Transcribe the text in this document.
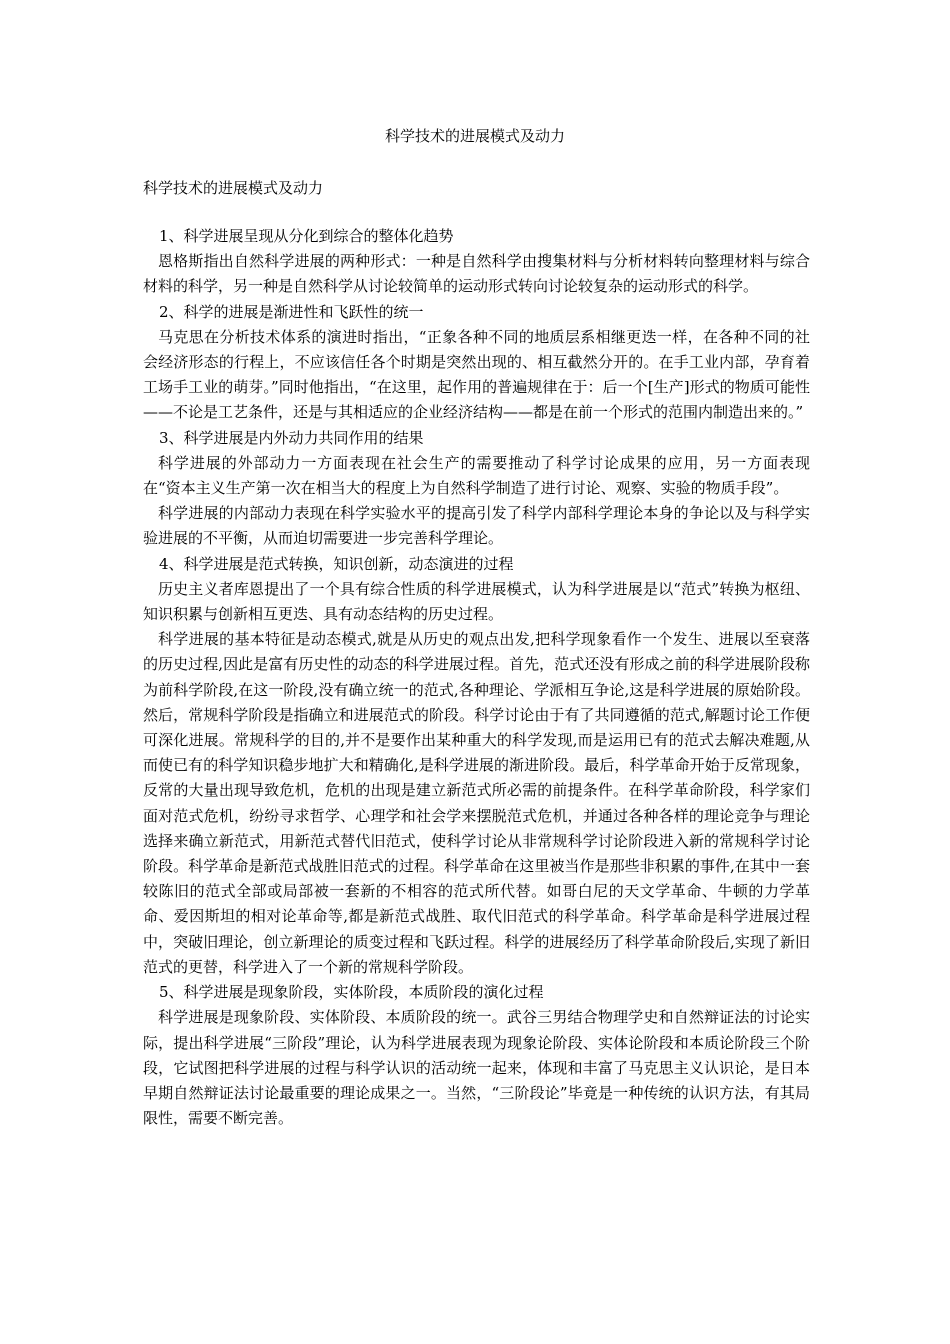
科学技术的进展模式及动力
科学技术的进展模式及动力

1、科学进展呈现从分化到综合的整体化趋势

恩格斯指出自然科学进展的两种形式：一种是自然科学由搜集材料与分析材料转向整理材料与综合材料的科学，另一种是自然科学从讨论较简单的运动形式转向讨论较复杂的运动形式的科学。

2、科学的进展是渐进性和飞跃性的统一

马克思在分析技术体系的演进时指出，“正象各种不同的地质层系相继更迭一样，在各种不同的社会经济形态的行程上，不应该信任各个时期是突然出现的、相互截然分开的。在手工业内部，孕育着工场手工业的萌芽。”同时他指出，“在这里，起作用的普遍规律在于：后一个[生产]形式的物质可能性——不论是工艺条件，还是与其相适应的企业经济结构——都是在前一个形式的范围内制造出来的。”

3、科学进展是内外动力共同作用的结果

科学进展的外部动力一方面表现在社会生产的需要推动了科学讨论成果的应用，另一方面表现在“资本主义生产第一次在相当大的程度上为自然科学制造了进行讨论、观察、实验的物质手段”。

科学进展的内部动力表现在科学实验水平的提高引发了科学内部科学理论本身的争论以及与科学实验进展的不平衡，从而迫切需要进一步完善科学理论。

4、科学进展是范式转换，知识创新，动态演进的过程

历史主义者库恩提出了一个具有综合性质的科学进展模式，认为科学进展是以“范式”转换为枢纽、知识积累与创新相互更迭、具有动态结构的历史过程。

科学进展的基本特征是动态模式,就是从历史的观点出发,把科学现象看作一个发生、进展以至衰落的历史过程,因此是富有历史性的动态的科学进展过程。首先，范式还没有形成之前的科学进展阶段称为前科学阶段,在这一阶段,没有确立统一的范式,各种理论、学派相互争论,这是科学进展的原始阶段。然后，常规科学阶段是指确立和进展范式的阶段。科学讨论由于有了共同遵循的范式,解题讨论工作便可深化进展。常规科学的目的,并不是要作出某种重大的科学发现,而是运用已有的范式去解决难题,从而使已有的科学知识稳步地扩大和精确化,是科学进展的渐进阶段。最后，科学革命开始于反常现象，反常的大量出现导致危机，危机的出现是建立新范式所必需的前提条件。在科学革命阶段，科学家们面对范式危机，纷纷寻求哲学、心理学和社会学来摆脱范式危机，并通过各种各样的理论竞争与理论选择来确立新范式，用新范式替代旧范式，使科学讨论从非常规科学讨论阶段进入新的常规科学讨论阶段。科学革命是新范式战胜旧范式的过程。科学革命在这里被当作是那些非积累的事件,在其中一套较陈旧的范式全部或局部被一套新的不相容的范式所代替。如哥白尼的天文学革命、牛顿的力学革命、爱因斯坦的相对论革命等,都是新范式战胜、取代旧范式的科学革命。科学革命是科学进展过程中，突破旧理论，创立新理论的质变过程和飞跃过程。科学的进展经历了科学革命阶段后,实现了新旧范式的更替，科学进入了一个新的常规科学阶段。

5、科学进展是现象阶段，实体阶段，本质阶段的演化过程

科学进展是现象阶段、实体阶段、本质阶段的统一。武谷三男结合物理学史和自然辩证法的讨论实际，提出科学进展“三阶段”理论，认为科学进展表现为现象论阶段、实体论阶段和本质论阶段三个阶段，它试图把科学进展的过程与科学认识的活动统一起来，体现和丰富了马克思主义认识论，是日本早期自然辩证法讨论最重要的理论成果之一。当然，“三阶段论”毕竟是一种传统的认识方法，有其局限性，需要不断完善。
